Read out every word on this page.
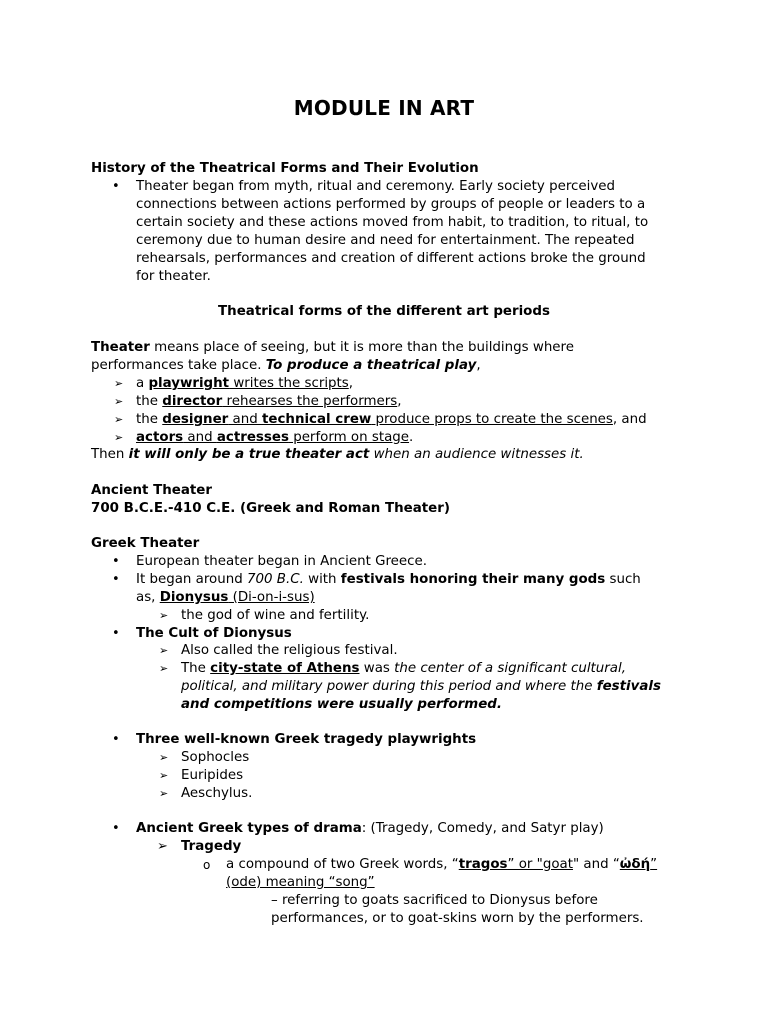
MODULE IN ART
History of the Theatrical Forms and Their Evolution
• Theater began from myth, ritual and ceremony. Early society perceived
connections between actions performed by groups of people or leaders to a
certain society and these actions moved from habit, to tradition, to ritual, to
ceremony due to human desire and need for entertainment. The repeated
rehearsals, performances and creation of different actions broke the ground
for theater.
Theatrical forms of the different art periods
Theater means place of seeing, but it is more than the buildings where
performances take place. To produce a theatrical play,
➢ a playwright writes the scripts,
➢ the director rehearses the performers,
➢ the designer and technical crew produce props to create the scenes, and
➢ actors and actresses perform on stage.
Then it will only be a true theater act when an audience witnesses it.
Ancient Theater
700 B.C.E.-410 C.E. (Greek and Roman Theater)
Greek Theater
• European theater began in Ancient Greece.
• It began around 700 B.C. with festivals honoring their many gods such
as, Dionysus (Di-on-i-sus)
➢ the god of wine and fertility.
• The Cult of Dionysus
➢ Also called the religious festival.
➢ The city-state of Athens was the center of a significant cultural,
political, and military power during this period and where the festivals
and competitions were usually performed.
• Three well-known Greek tragedy playwrights
➢ Sophocles
➢ Euripides
➢ Aeschylus.
• Ancient Greek types of drama: (Tragedy, Comedy, and Satyr play)
➢ Tragedy
o a compound of two Greek words, “tragos” or "goat" and “ὠδή”
(ode) meaning “song”
– referring to goats sacrificed to Dionysus before
performances, or to goat-skins worn by the performers.
